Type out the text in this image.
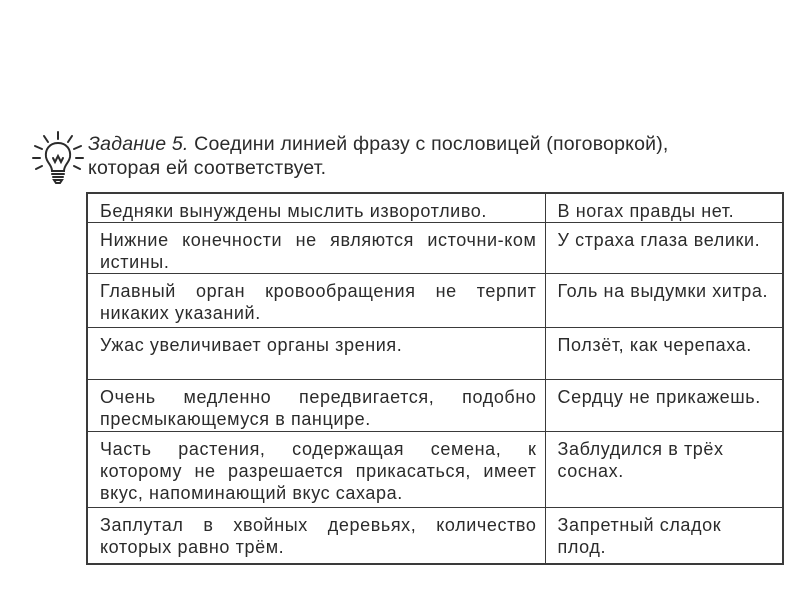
Задание 5. Соедини линией фразу с пословицей (поговоркой),
которая ей соответствует.
Бедняки вынуждены мыслить изворотливо.	В ногах правды нет.

Нижние конечности не являются источни-ком истины.	У страха глаза велики.

Главный орган кровообращения не терпит никаких указаний.	Голь на выдумки хитра.

Ужас увеличивает органы зрения.	Ползёт, как черепаха.

Очень медленно передвигается, подобно пресмыкающемуся в панцире.	Сердцу не прикажешь.

Часть растения, содержащая семена, к которому не разрешается прикасаться, имеет вкус, напоминающий вкус сахара.	Заблудился в трёх соснах.

Заплутал в хвойных деревьях, количество которых равно трём.	Запретный сладок плод.
